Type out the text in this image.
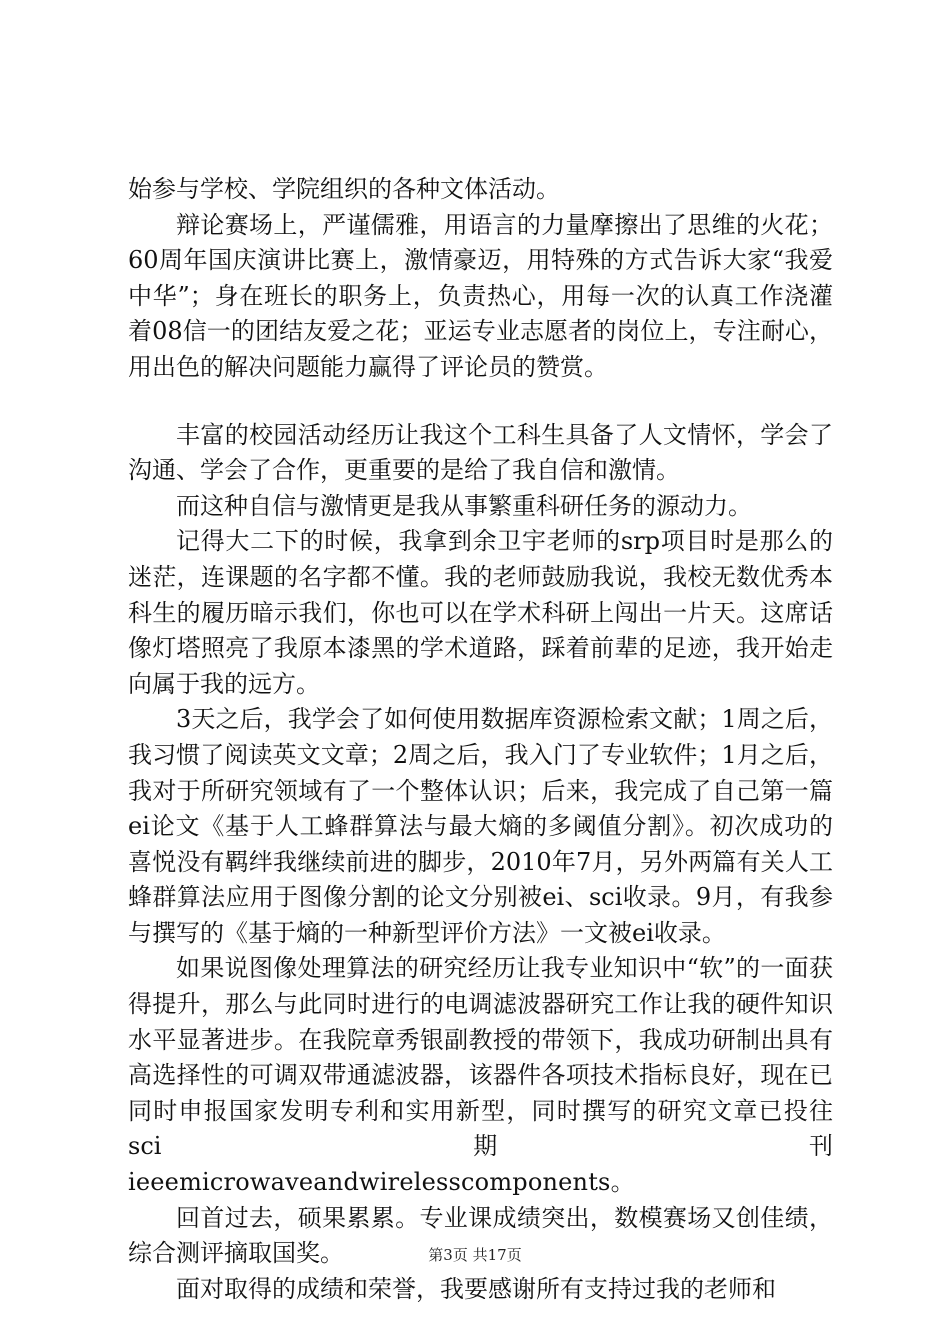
始参与学校、学院组织的各种文体活动。

辩论赛场上，严谨儒雅，用语言的力量摩擦出了思维的火花；60周年国庆演讲比赛上，激情豪迈，用特殊的方式告诉大家“我爱中华”；身在班长的职务上，负责热心，用每一次的认真工作浇灌着08信一的团结友爱之花；亚运专业志愿者的岗位上，专注耐心，用出色的解决问题能力赢得了评论员的赞赏。

丰富的校园活动经历让我这个工科生具备了人文情怀，学会了沟通、学会了合作，更重要的是给了我自信和激情。

而这种自信与激情更是我从事繁重科研任务的源动力。

记得大二下的时候，我拿到余卫宇老师的srp项目时是那么的迷茫，连课题的名字都不懂。我的老师鼓励我说，我校无数优秀本科生的履历暗示我们，你也可以在学术科研上闯出一片天。这席话像灯塔照亮了我原本漆黑的学术道路，踩着前辈的足迹，我开始走向属于我的远方。

3天之后，我学会了如何使用数据库资源检索文献；1周之后，我习惯了阅读英文文章；2周之后，我入门了专业软件；1月之后，我对于所研究领域有了一个整体认识；后来，我完成了自己第一篇ei论文《基于人工蜂群算法与最大熵的多阈值分割》。初次成功的喜悦没有羁绊我继续前进的脚步，2010年7月，另外两篇有关人工蜂群算法应用于图像分割的论文分别被ei、sci收录。9月，有我参与撰写的《基于熵的一种新型评价方法》一文被ei收录。

如果说图像处理算法的研究经历让我专业知识中“软”的一面获得提升，那么与此同时进行的电调滤波器研究工作让我的硬件知识水平显著进步。在我院章秀银副教授的带领下，我成功研制出具有高选择性的可调双带通滤波器，该器件各项技术指标良好，现在已同时申报国家发明专利和实用新型，同时撰写的研究文章已投往sci期刊

ieeemicrowaveandwirelesscomponents。

回首过去，硕果累累。专业课成绩突出，数模赛场又创佳绩，综合测评摘取国奖。

面对取得的成绩和荣誉，我要感谢所有支持过我的老师和

第3页 共17页
